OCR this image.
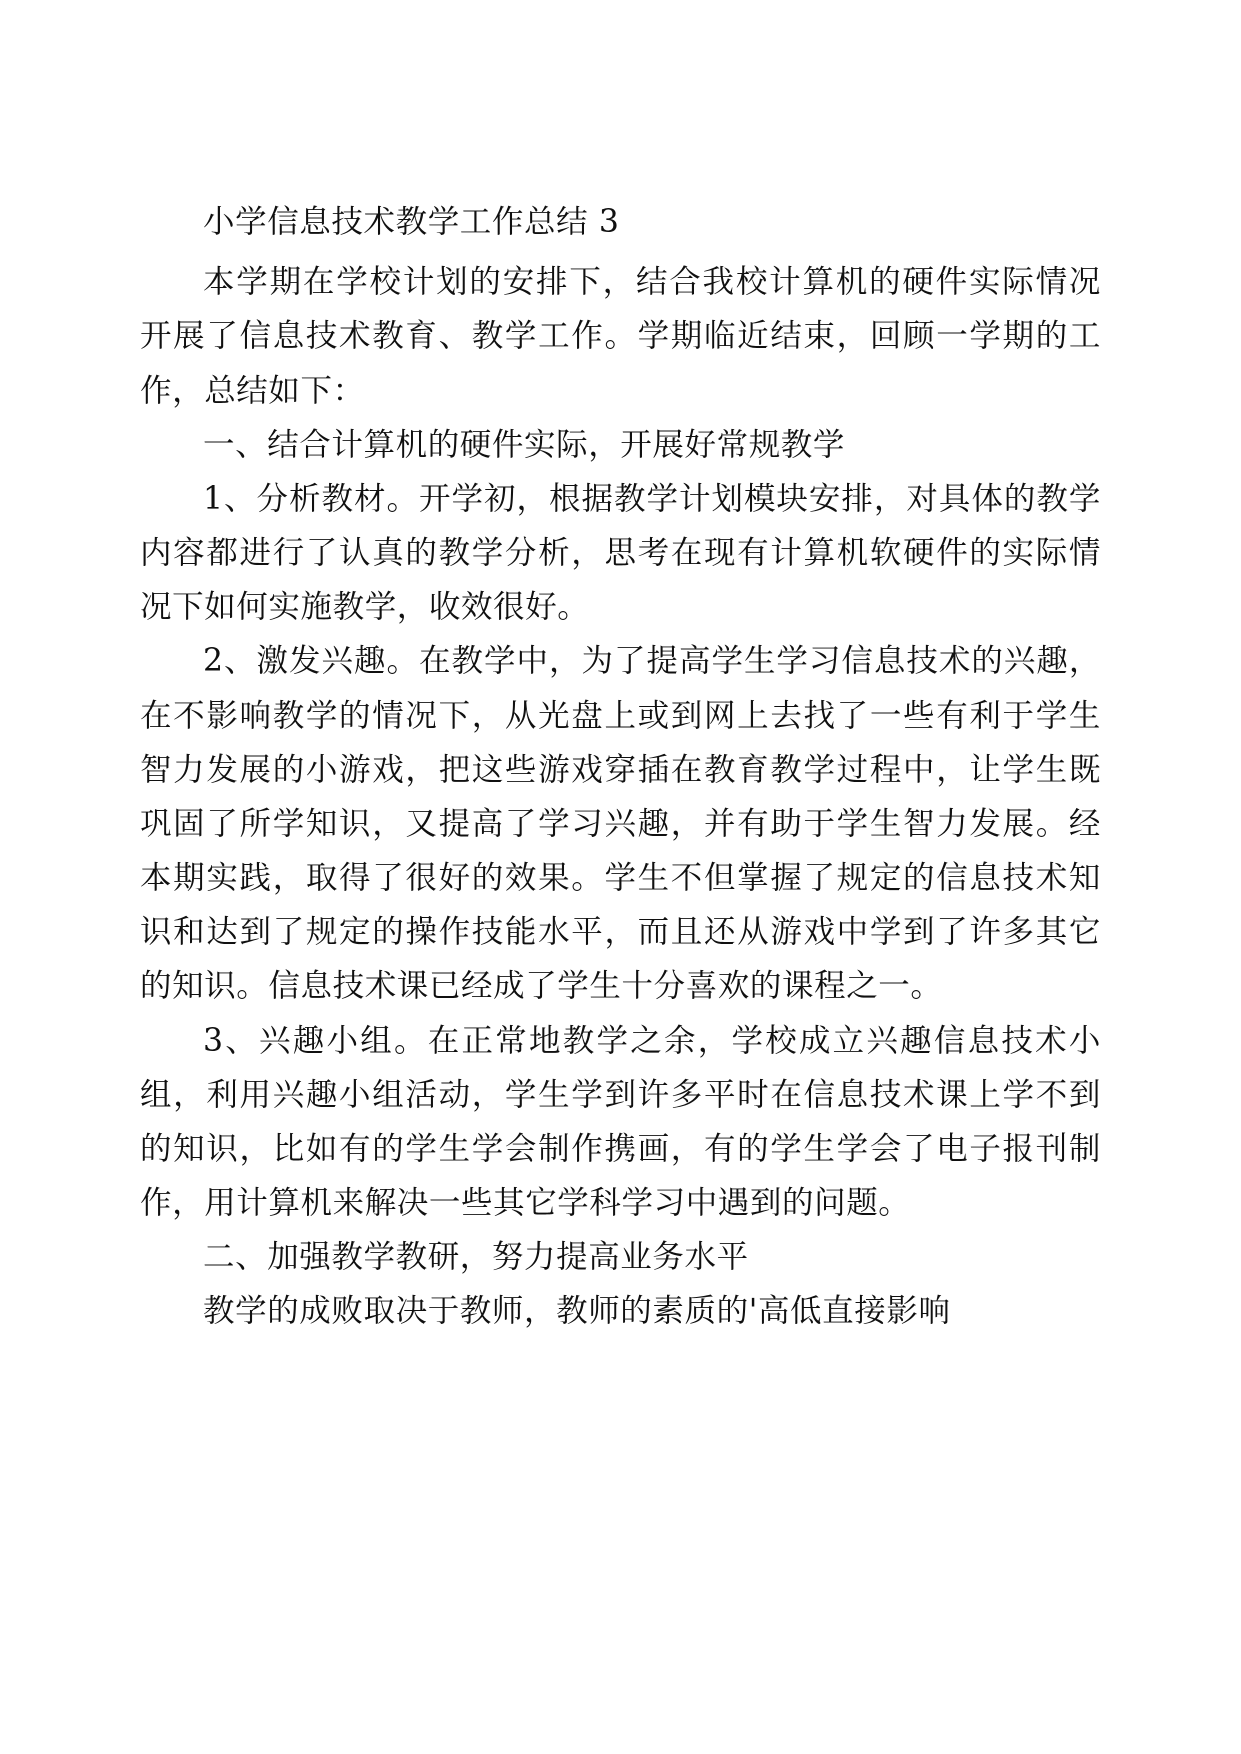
小学信息技术教学工作总结 3

本学期在学校计划的安排下，结合我校计算机的硬件实际情况开展了信息技术教育、教学工作。学期临近结束，回顾一学期的工作，总结如下：

一、结合计算机的硬件实际，开展好常规教学

1、分析教材。开学初，根据教学计划模块安排，对具体的教学内容都进行了认真的教学分析，思考在现有计算机软硬件的实际情况下如何实施教学，收效很好。

2、激发兴趣。在教学中，为了提高学生学习信息技术的兴趣，在不影响教学的情况下，从光盘上或到网上去找了一些有利于学生智力发展的小游戏，把这些游戏穿插在教育教学过程中，让学生既巩固了所学知识，又提高了学习兴趣，并有助于学生智力发展。经本期实践，取得了很好的效果。学生不但掌握了规定的信息技术知识和达到了规定的操作技能水平，而且还从游戏中学到了许多其它的知识。信息技术课已经成了学生十分喜欢的课程之一。

3、兴趣小组。在正常地教学之余，学校成立兴趣信息技术小组，利用兴趣小组活动，学生学到许多平时在信息技术课上学不到的知识，比如有的学生学会制作携画，有的学生学会了电子报刊制作，用计算机来解决一些其它学科学习中遇到的问题。

二、加强教学教研，努力提高业务水平

教学的成败取决于教师，教师的素质的'高低直接影响
